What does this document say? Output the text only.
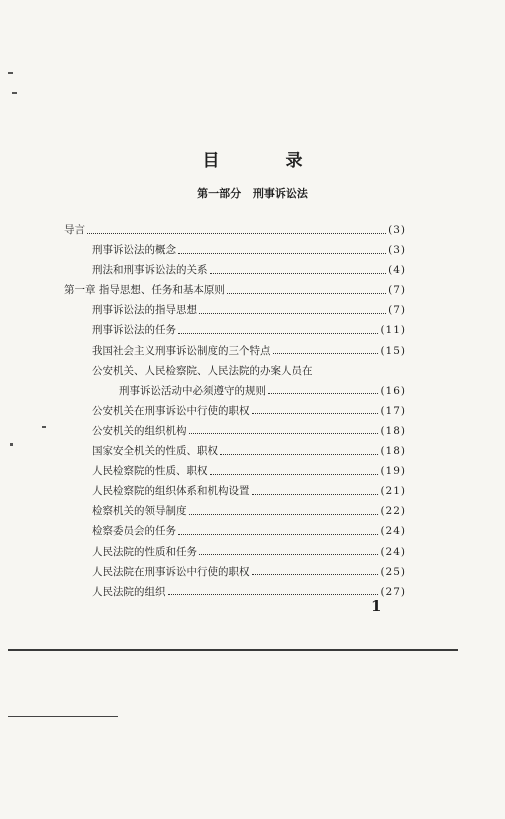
目 录
第一部分 刑事诉讼法
导言	(3)
刑事诉讼法的概念	(3)
刑法和刑事诉讼法的关系	(4)
第一章 指导思想、任务和基本原则	(7)
刑事诉讼法的指导思想	(7)
刑事诉讼法的任务	(11)
我国社会主义刑事诉讼制度的三个特点	(15)
公安机关、人民检察院、人民法院的办案人员在
刑事诉讼活动中必须遵守的规则	(16)
公安机关在刑事诉讼中行使的职权	(17)
公安机关的组织机构	(18)
国家安全机关的性质、职权	(18)
人民检察院的性质、职权	(19)
人民检察院的组织体系和机构设置	(21)
检察机关的领导制度	(22)
检察委员会的任务	(24)
人民法院的性质和任务	(24)
人民法院在刑事诉讼中行使的职权	(25)
人民法院的组织	(27)
1
